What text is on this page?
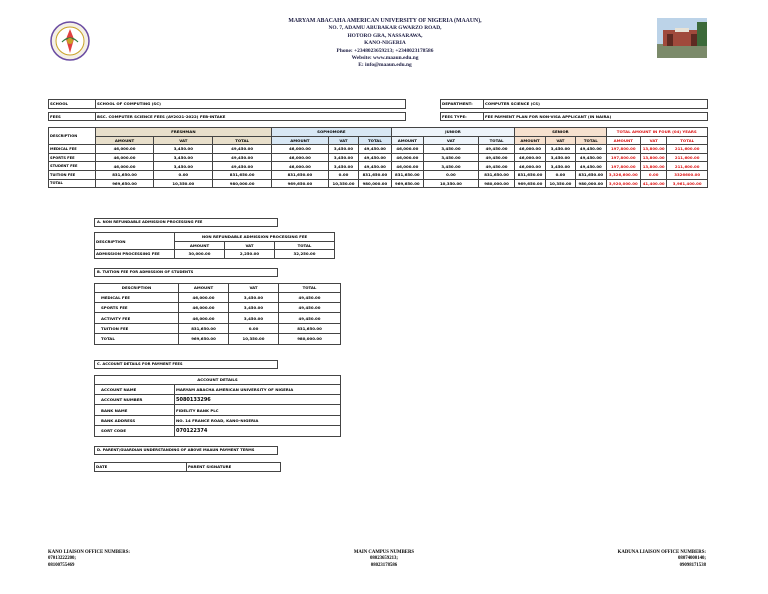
MARYAM ABACAHA AMERICAN UNIVERSITY OF NIGERIA (MAAUN),
NO. 7, ADAMU ABUBAKAR GWARZO ROAD,
HOTORO GRA, NASSARAWA,
KANO-NIGERIA
Phone: +2348023659213; +2348023178586
Website: www.maaun.edu.ng
E: info@maaun.edu.ng
SCHOOL	SCHOOL OF COMPUTING (SC)

FEES	BSC. COMPUTER SCIENCE FEES (AY2021-2022) FEB-INTAKE
DEPARTMENT:	COMPUTER SCIENCE (CS)

FEES TYPE:	FEE PAYMENT PLAN FOR NON-VISA APPLICANT (IN NAIRA)
DESCRIPTION	FRESHMAN			SOPHOMORE			JUNIOR			SENIOR			TOTAL AMOUNT IN FOUR (04) YEARS		
	AMOUNT	VAT	TOTAL	AMOUNT	VAT	TOTAL	AMOUNT	VAT	TOTAL	AMOUNT	VAT	TOTAL	AMOUNT	VAT	TOTAL
MEDICAL FEE	46,000.00	3,450.00	49,450.00	46,000.00	3,450.00	49,450.00	46,000.00	3,450.00	49,450.00	46,000.00	3,450.00	49,450.00	197,800.00	13,800.00	211,600.00
SPORTS FEE	46,000.00	3,450.00	49,450.00	46,000.00	3,450.00	49,450.00	46,000.00	3,450.00	49,450.00	46,000.00	3,450.00	49,450.00	197,800.00	13,800.00	211,600.00
STUDENT FEE	46,000.00	3,450.00	49,450.00	46,000.00	3,450.00	49,450.00	46,000.00	3,450.00	49,450.00	46,000.00	3,450.00	49,450.00	197,800.00	13,800.00	211,600.00
TUITION FEE	831,650.00	0.00	831,650.00	831,650.00	0.00	831,650.00	831,650.00	0.00	831,650.00	831,650.00	0.00	831,650.00	3,326,600.00	0.00	3326600.00
TOTAL	969,650.00	10,350.00	980,000.00	969,650.00	10,350.00	980,000.00	969,650.00	10,350.00	980,000.00	969,650.00	10,350.00	980,000.00	3,920,000.00	41,400.00	3,961,400.00
A. NON REFUNDABLE ADMISSION PROCESSING FEE
DESCRIPTION	NON REFUNDABLE ADMISSION PROCESSING FEE		
	AMOUNT	VAT	TOTAL
ADMISSION PROCESSING FEE	30,000.00	2,250.00	32,250.00
B. TUITION FEE FOR ADMISSION OF STUDENTS
DESCRIPTION	AMOUNT	VAT	TOTAL
MEDICAL FEE	46,000.00	3,450.00	49,450.00
SPORTS FEE	46,000.00	3,450.00	49,450.00
ACTIVITY FEE	46,000.00	3,450.00	49,450.00
TUITION FEE	831,650.00	0.00	831,650.00
TOTAL	969,650.00	10,350.00	980,000.00
C. ACCOUNT DETAILS FOR PAYMENT FEES
ACCOUNT DETAILS	
ACCOUNT NAME	MARYAM ABACHA AMERICAN UNIVERSITY OF NIGERIA
ACCOUNT NUMBER	5080133296
BANK NAME	FIDELITY BANK PLC
BANK ADDRESS	NO. 14 FRANCE ROAD, KANO-NIGERIA
SORT CODE	070122374
D. PARENT/GUARDIAN UNDERSTANDING OF ABOVE MAAUN PAYMENT TERMS
DATE	PARENT SIGNATURE
KANO LIAISON OFFICE NUMBERS:
07013222200;
08100755469
MAIN CAMPUS NUMBERS
08023659213;
08023178586
KADUNA LIAISON OFFICE NUMBERS:
08074000140;
09098171538
